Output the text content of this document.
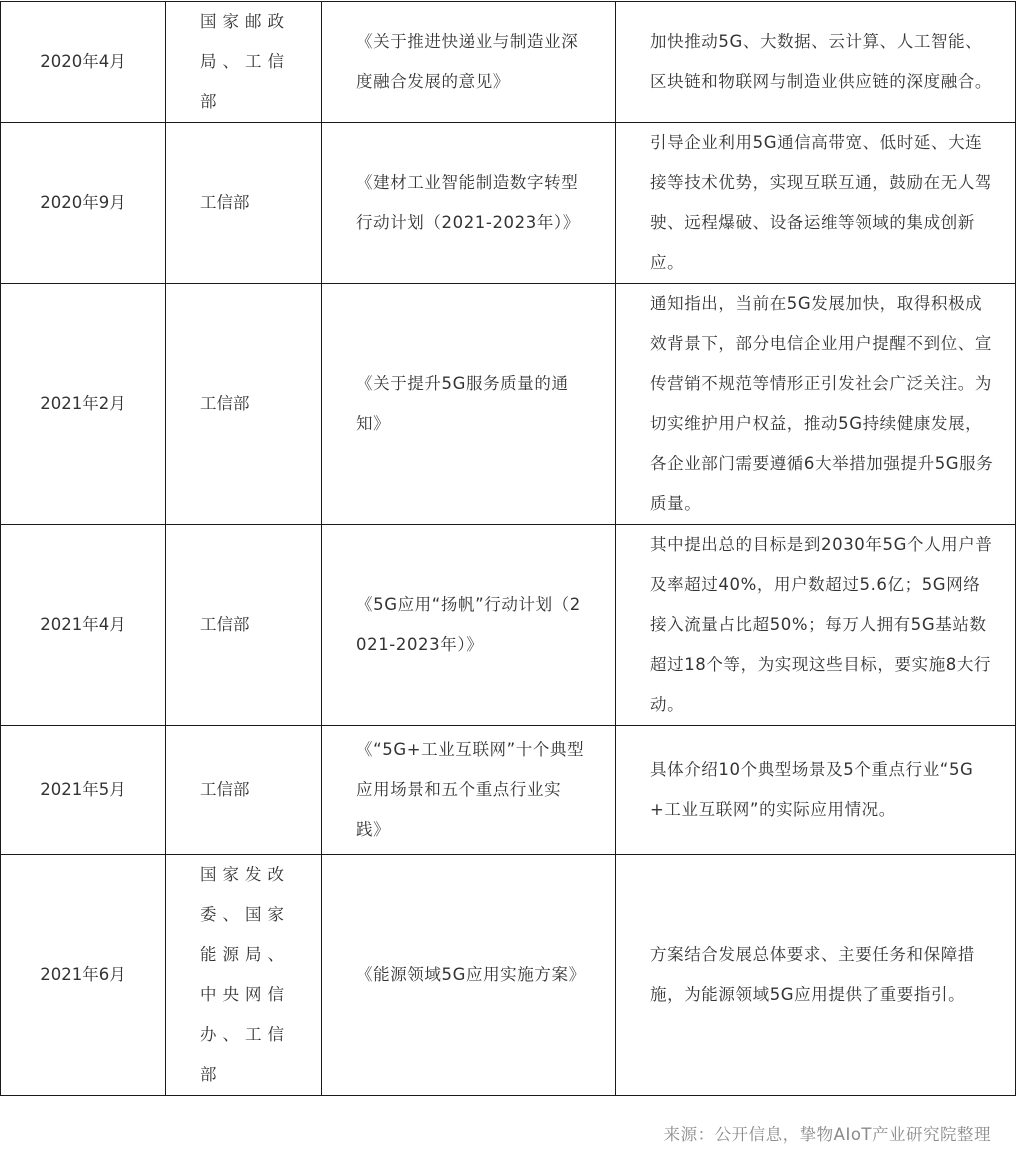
2020年4月	国家邮政局、工信部	《关于推进快递业与制造业深度融合发展的意见》	加快推动5G、大数据、云计算、人工智能、区块链和物联网与制造业供应链的深度融合。
2020年9月	工信部	《建材工业智能制造数字转型行动计划（2021-2023年）》	引导企业利用5G通信高带宽、低时延、大连接等技术优势，实现互联互通，鼓励在无人驾驶、远程爆破、设备运维等领域的集成创新应。
2021年2月	工信部	《关于提升5G服务质量的通知》	通知指出，当前在5G发展加快，取得积极成效背景下，部分电信企业用户提醒不到位、宣传营销不规范等情形正引发社会广泛关注。为切实维护用户权益，推动5G持续健康发展，各企业部门需要遵循6大举措加强提升5G服务质量。
2021年4月	工信部	《5G应用“扬帆”行动计划（2021-2023年）》	其中提出总的目标是到2030年5G个人用户普及率超过40%，用户数超过5.6亿；5G网络接入流量占比超50%；每万人拥有5G基站数超过18个等，为实现这些目标，要实施8大行动。
2021年5月	工信部	《“5G+工业互联网”十个典型应用场景和五个重点行业实践》	具体介绍10个典型场景及5个重点行业“5G+工业互联网”的实际应用情况。
2021年6月	国家发改委、国家能源局、中央网信办、工信部	《能源领域5G应用实施方案》	方案结合发展总体要求、主要任务和保障措施，为能源领域5G应用提供了重要指引。
来源：公开信息，挚物AIoT产业研究院整理
